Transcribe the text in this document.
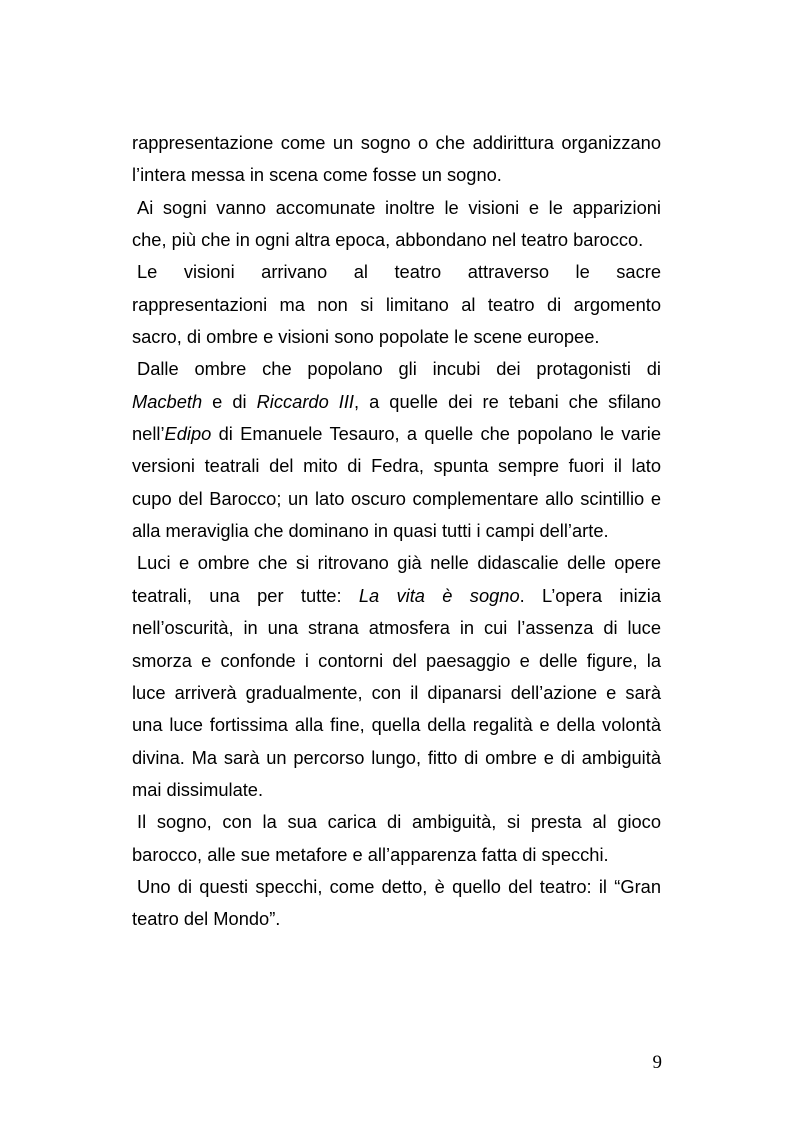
rappresentazione come un sogno o che addirittura organizzano
l’intera messa in scena come fosse un sogno.
Ai sogni vanno accomunate inoltre le visioni e le apparizioni
che, più che in ogni altra epoca, abbondano nel teatro barocco.
Le visioni arrivano al teatro attraverso le sacre
rappresentazioni ma non si limitano al teatro di argomento
sacro, di ombre e visioni sono popolate le scene europee.
Dalle ombre che popolano gli incubi dei protagonisti di
Macbeth e di Riccardo III, a quelle dei re tebani che sfilano
nell’Edipo di Emanuele Tesauro, a quelle che popolano le varie
versioni teatrali del mito di Fedra, spunta sempre fuori il lato
cupo del Barocco; un lato oscuro complementare allo scintillio e
alla meraviglia che dominano in quasi tutti i campi dell’arte.
Luci e ombre che si ritrovano già nelle didascalie delle opere
teatrali, una per tutte: La vita è sogno. L’opera inizia
nell’oscurità, in una strana atmosfera in cui l’assenza di luce
smorza e confonde i contorni del paesaggio e delle figure, la
luce arriverà gradualmente, con il dipanarsi dell’azione e sarà
una luce fortissima alla fine, quella della regalità e della volontà
divina. Ma sarà un percorso lungo, fitto di ombre e di ambiguità
mai dissimulate.
Il sogno, con la sua carica di ambiguità, si presta al gioco
barocco, alle sue metafore e all’apparenza fatta di specchi.
Uno di questi specchi, come detto, è quello del teatro: il “Gran
teatro del Mondo”.
9
